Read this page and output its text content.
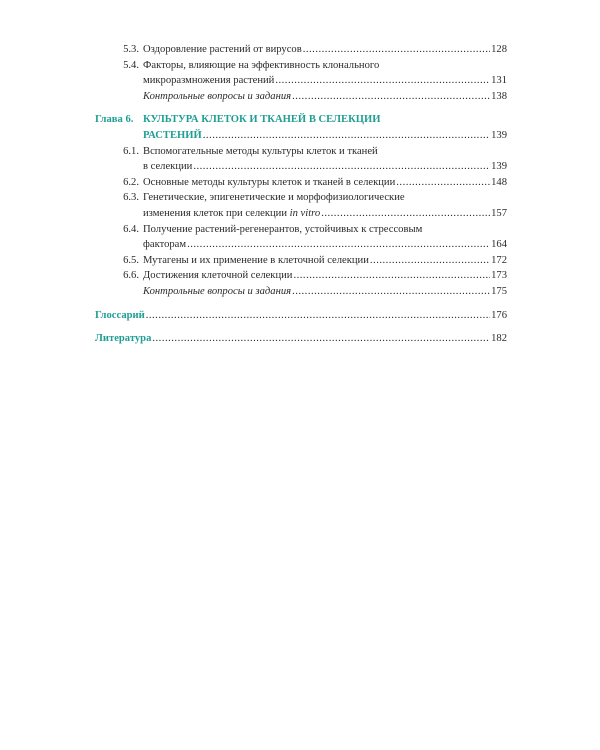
5.3. Оздоровление растений от вирусов .....	128
5.4. Факторы, влияющие на эффективность клонального
микроразмножения растений .....	131
Контрольные вопросы и задания .....	138
Глава 6. КУЛЬТУРА КЛЕТОК И ТКАНЕЙ В СЕЛЕКЦИИ
РАСТЕНИЙ .....	139
6.1. Вспомогательные методы культуры клеток и тканей
в селекции .....	139
6.2. Основные методы культуры клеток и тканей в селекции .....	148
6.3. Генетические, эпигенетические и морфофизиологические
изменения клеток при селекции in vitro .....	157
6.4. Получение растений-регенерантов, устойчивых к стрессовым
факторам .....	164
6.5. Мутагены и их применение в клеточной селекции .....	172
6.6. Достижения клеточной селекции .....	173
Контрольные вопросы и задания .....	175
Глоссарий .....	176
Литература .....	182
